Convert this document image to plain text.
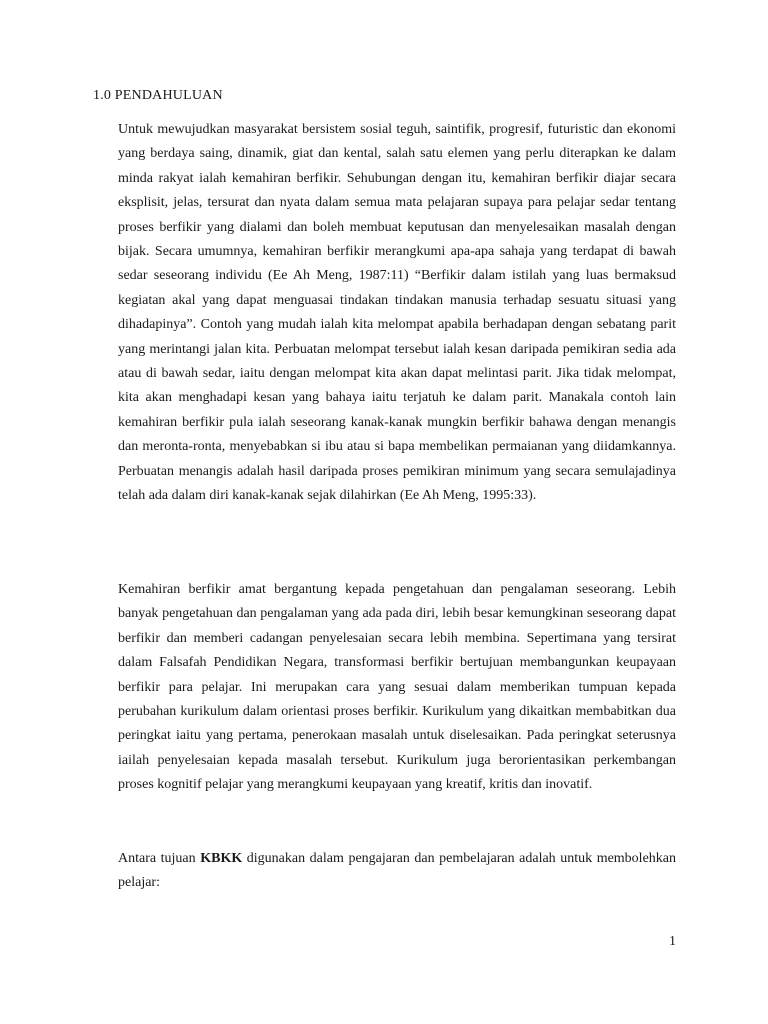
1.0 PENDAHULUAN

Untuk mewujudkan masyarakat bersistem sosial teguh, saintifik, progresif, futuristic dan ekonomi yang berdaya saing, dinamik, giat dan kental, salah satu elemen yang perlu diterapkan ke dalam minda rakyat ialah kemahiran berfikir. Sehubungan dengan itu, kemahiran berfikir diajar secara eksplisit, jelas, tersurat dan nyata dalam semua mata pelajaran supaya para pelajar sedar tentang proses berfikir yang dialami dan boleh membuat keputusan dan menyelesaikan masalah dengan bijak. Secara umumnya, kemahiran berfikir merangkumi apa-apa sahaja yang terdapat di bawah sedar seseorang individu (Ee Ah Meng, 1987:11) “Berfikir dalam istilah yang luas bermaksud kegiatan akal yang dapat menguasai tindakan tindakan manusia terhadap sesuatu situasi yang dihadapinya”. Contoh yang mudah ialah kita melompat apabila berhadapan dengan sebatang parit yang merintangi jalan kita. Perbuatan melompat tersebut ialah kesan daripada pemikiran sedia ada atau di bawah sedar, iaitu dengan melompat kita akan dapat melintasi parit. Jika tidak melompat, kita akan menghadapi kesan yang bahaya iaitu terjatuh ke dalam parit. Manakala contoh lain kemahiran berfikir pula ialah seseorang kanak-kanak mungkin berfikir bahawa dengan menangis dan meronta-ronta, menyebabkan si ibu atau si bapa membelikan permaianan yang diidamkannya. Perbuatan menangis adalah hasil daripada proses pemikiran minimum yang secara semulajadinya telah ada dalam diri kanak-kanak sejak dilahirkan (Ee Ah Meng, 1995:33).

Kemahiran berfikir amat bergantung kepada pengetahuan dan pengalaman seseorang. Lebih banyak pengetahuan dan pengalaman yang ada pada diri, lebih besar kemungkinan seseorang dapat berfikir dan memberi cadangan penyelesaian secara lebih membina. Sepertimana yang tersirat dalam Falsafah Pendidikan Negara, transformasi berfikir bertujuan membangunkan keupayaan berfikir para pelajar. Ini merupakan cara yang sesuai dalam memberikan tumpuan kepada perubahan kurikulum dalam orientasi proses berfikir. Kurikulum yang dikaitkan membabitkan dua peringkat iaitu yang pertama, penerokaan masalah untuk diselesaikan. Pada peringkat seterusnya iailah penyelesaian kepada masalah tersebut. Kurikulum juga berorientasikan perkembangan proses kognitif pelajar yang merangkumi keupayaan yang kreatif, kritis dan inovatif.

Antara tujuan KBKK digunakan dalam pengajaran dan pembelajaran adalah untuk membolehkan pelajar:

1
